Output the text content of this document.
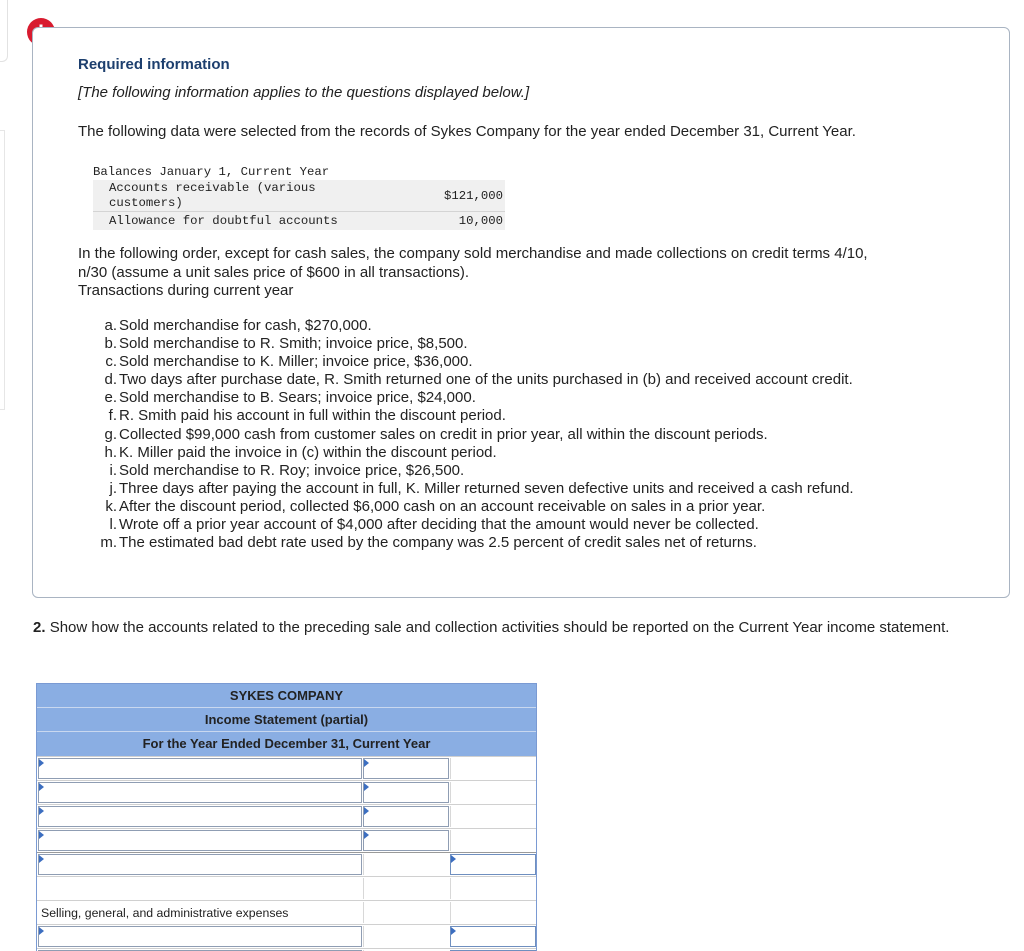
Required information
[The following information applies to the questions displayed below.]
The following data were selected from the records of Sykes Company for the year ended December 31, Current Year.
Balances January 1, Current Year
Accounts receivable (various customers)	$121,000
Allowance for doubtful accounts	10,000
In the following order, except for cash sales, the company sold merchandise and made collections on credit terms 4/10,
n/30 (assume a unit sales price of $600 in all transactions).
Transactions during current year
a. Sold merchandise for cash, $270,000.
b. Sold merchandise to R. Smith; invoice price, $8,500.
c. Sold merchandise to K. Miller; invoice price, $36,000.
d. Two days after purchase date, R. Smith returned one of the units purchased in (b) and received account credit.
e. Sold merchandise to B. Sears; invoice price, $24,000.
f. R. Smith paid his account in full within the discount period.
g. Collected $99,000 cash from customer sales on credit in prior year, all within the discount periods.
h. K. Miller paid the invoice in (c) within the discount period.
i. Sold merchandise to R. Roy; invoice price, $26,500.
j. Three days after paying the account in full, K. Miller returned seven defective units and received a cash refund.
k. After the discount period, collected $6,000 cash on an account receivable on sales in a prior year.
l. Wrote off a prior year account of $4,000 after deciding that the amount would never be collected.
m. The estimated bad debt rate used by the company was 2.5 percent of credit sales net of returns.
2. Show how the accounts related to the preceding sale and collection activities should be reported on the Current Year income statement.
SYKES COMPANY
Income Statement (partial)
For the Year Ended December 31, Current Year
Selling, general, and administrative expenses
